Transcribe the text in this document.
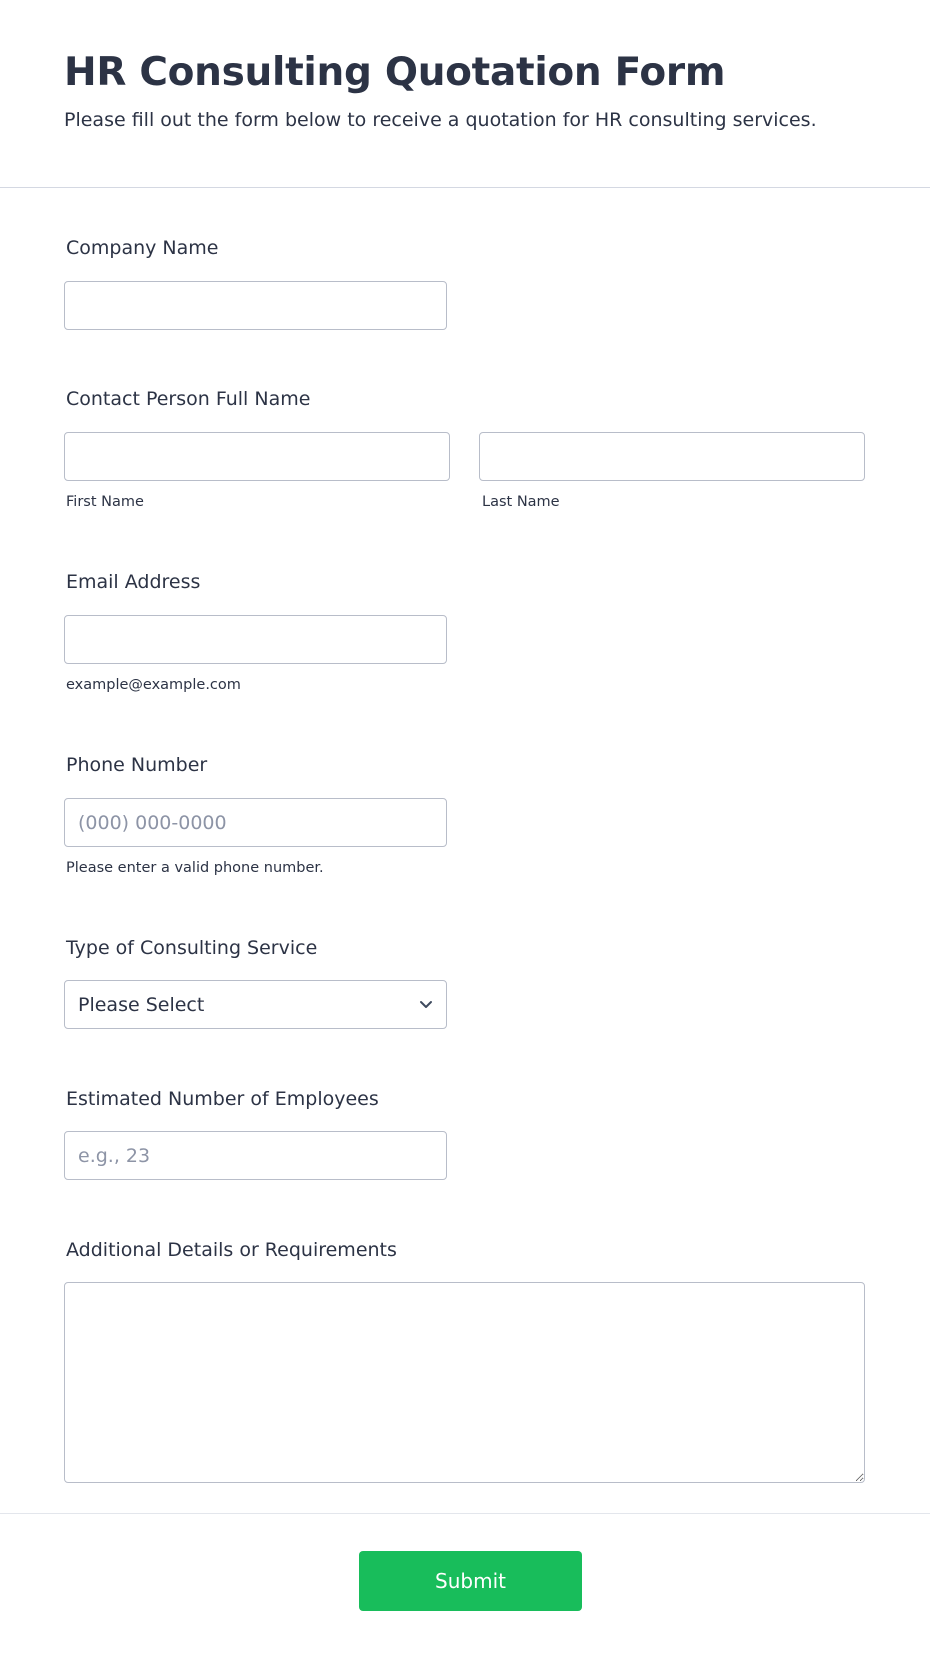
HR Consulting Quotation Form

Please fill out the form below to receive a quotation for HR consulting services.

Company Name
Contact Person Full Name
First Name	Last Name
Email Address
example@example.com
Phone Number
(000) 000-0000
Please enter a valid phone number.
Type of Consulting Service
Please Select
Estimated Number of Employees
e.g., 23
Additional Details or Requirements
Submit
